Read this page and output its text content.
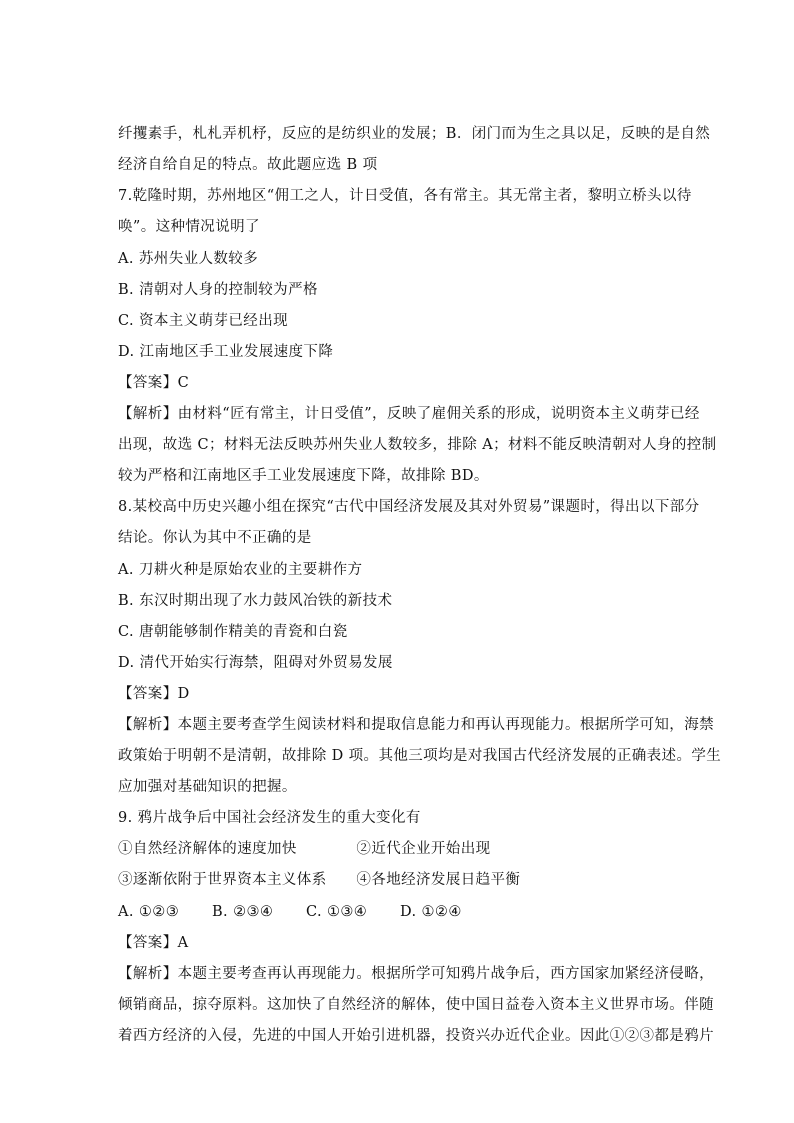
纤攫素手，札札弄机杼，反应的是纺织业的发展；B．闭门而为生之具以足，反映的是自然
经济自给自足的特点。故此题应选 B 项
7.乾隆时期，苏州地区“佣工之人，计日受值，各有常主。其无常主者，黎明立桥头以待
唤”。这种情况说明了
A. 苏州失业人数较多
B. 清朝对人身的控制较为严格
C. 资本主义萌芽已经出现
D. 江南地区手工业发展速度下降
【答案】C
【解析】由材料“匠有常主，计日受值”，反映了雇佣关系的形成，说明资本主义萌芽已经
出现，故选 C；材料无法反映苏州失业人数较多，排除 A；材料不能反映清朝对人身的控制
较为严格和江南地区手工业发展速度下降，故排除 BD。
8.某校高中历史兴趣小组在探究“古代中国经济发展及其对外贸易”课题时，得出以下部分
结论。你认为其中不正确的是
A. 刀耕火种是原始农业的主要耕作方
B. 东汉时期出现了水力鼓风冶铁的新技术
C. 唐朝能够制作精美的青瓷和白瓷
D. 清代开始实行海禁，阻碍对外贸易发展
【答案】D
【解析】本题主要考查学生阅读材料和提取信息能力和再认再现能力。根据所学可知，海禁
政策始于明朝不是清朝，故排除 D 项。其他三项均是对我国古代经济发展的正确表述。学生
应加强对基础知识的把握。
9. 鸦片战争后中国社会经济发生的重大变化有
①自然经济解体的速度加快　　　　②近代企业开始出现
③逐渐依附于世界资本主义体系　　④各地经济发展日趋平衡
A. ①②③ B. ②③④ C. ①③④ D. ①②④
【答案】A
【解析】本题主要考查再认再现能力。根据所学可知鸦片战争后，西方国家加紧经济侵略，
倾销商品，掠夺原料。这加快了自然经济的解体，使中国日益卷入资本主义世界市场。伴随
着西方经济的入侵，先进的中国人开始引进机器，投资兴办近代企业。因此①②③都是鸦片
